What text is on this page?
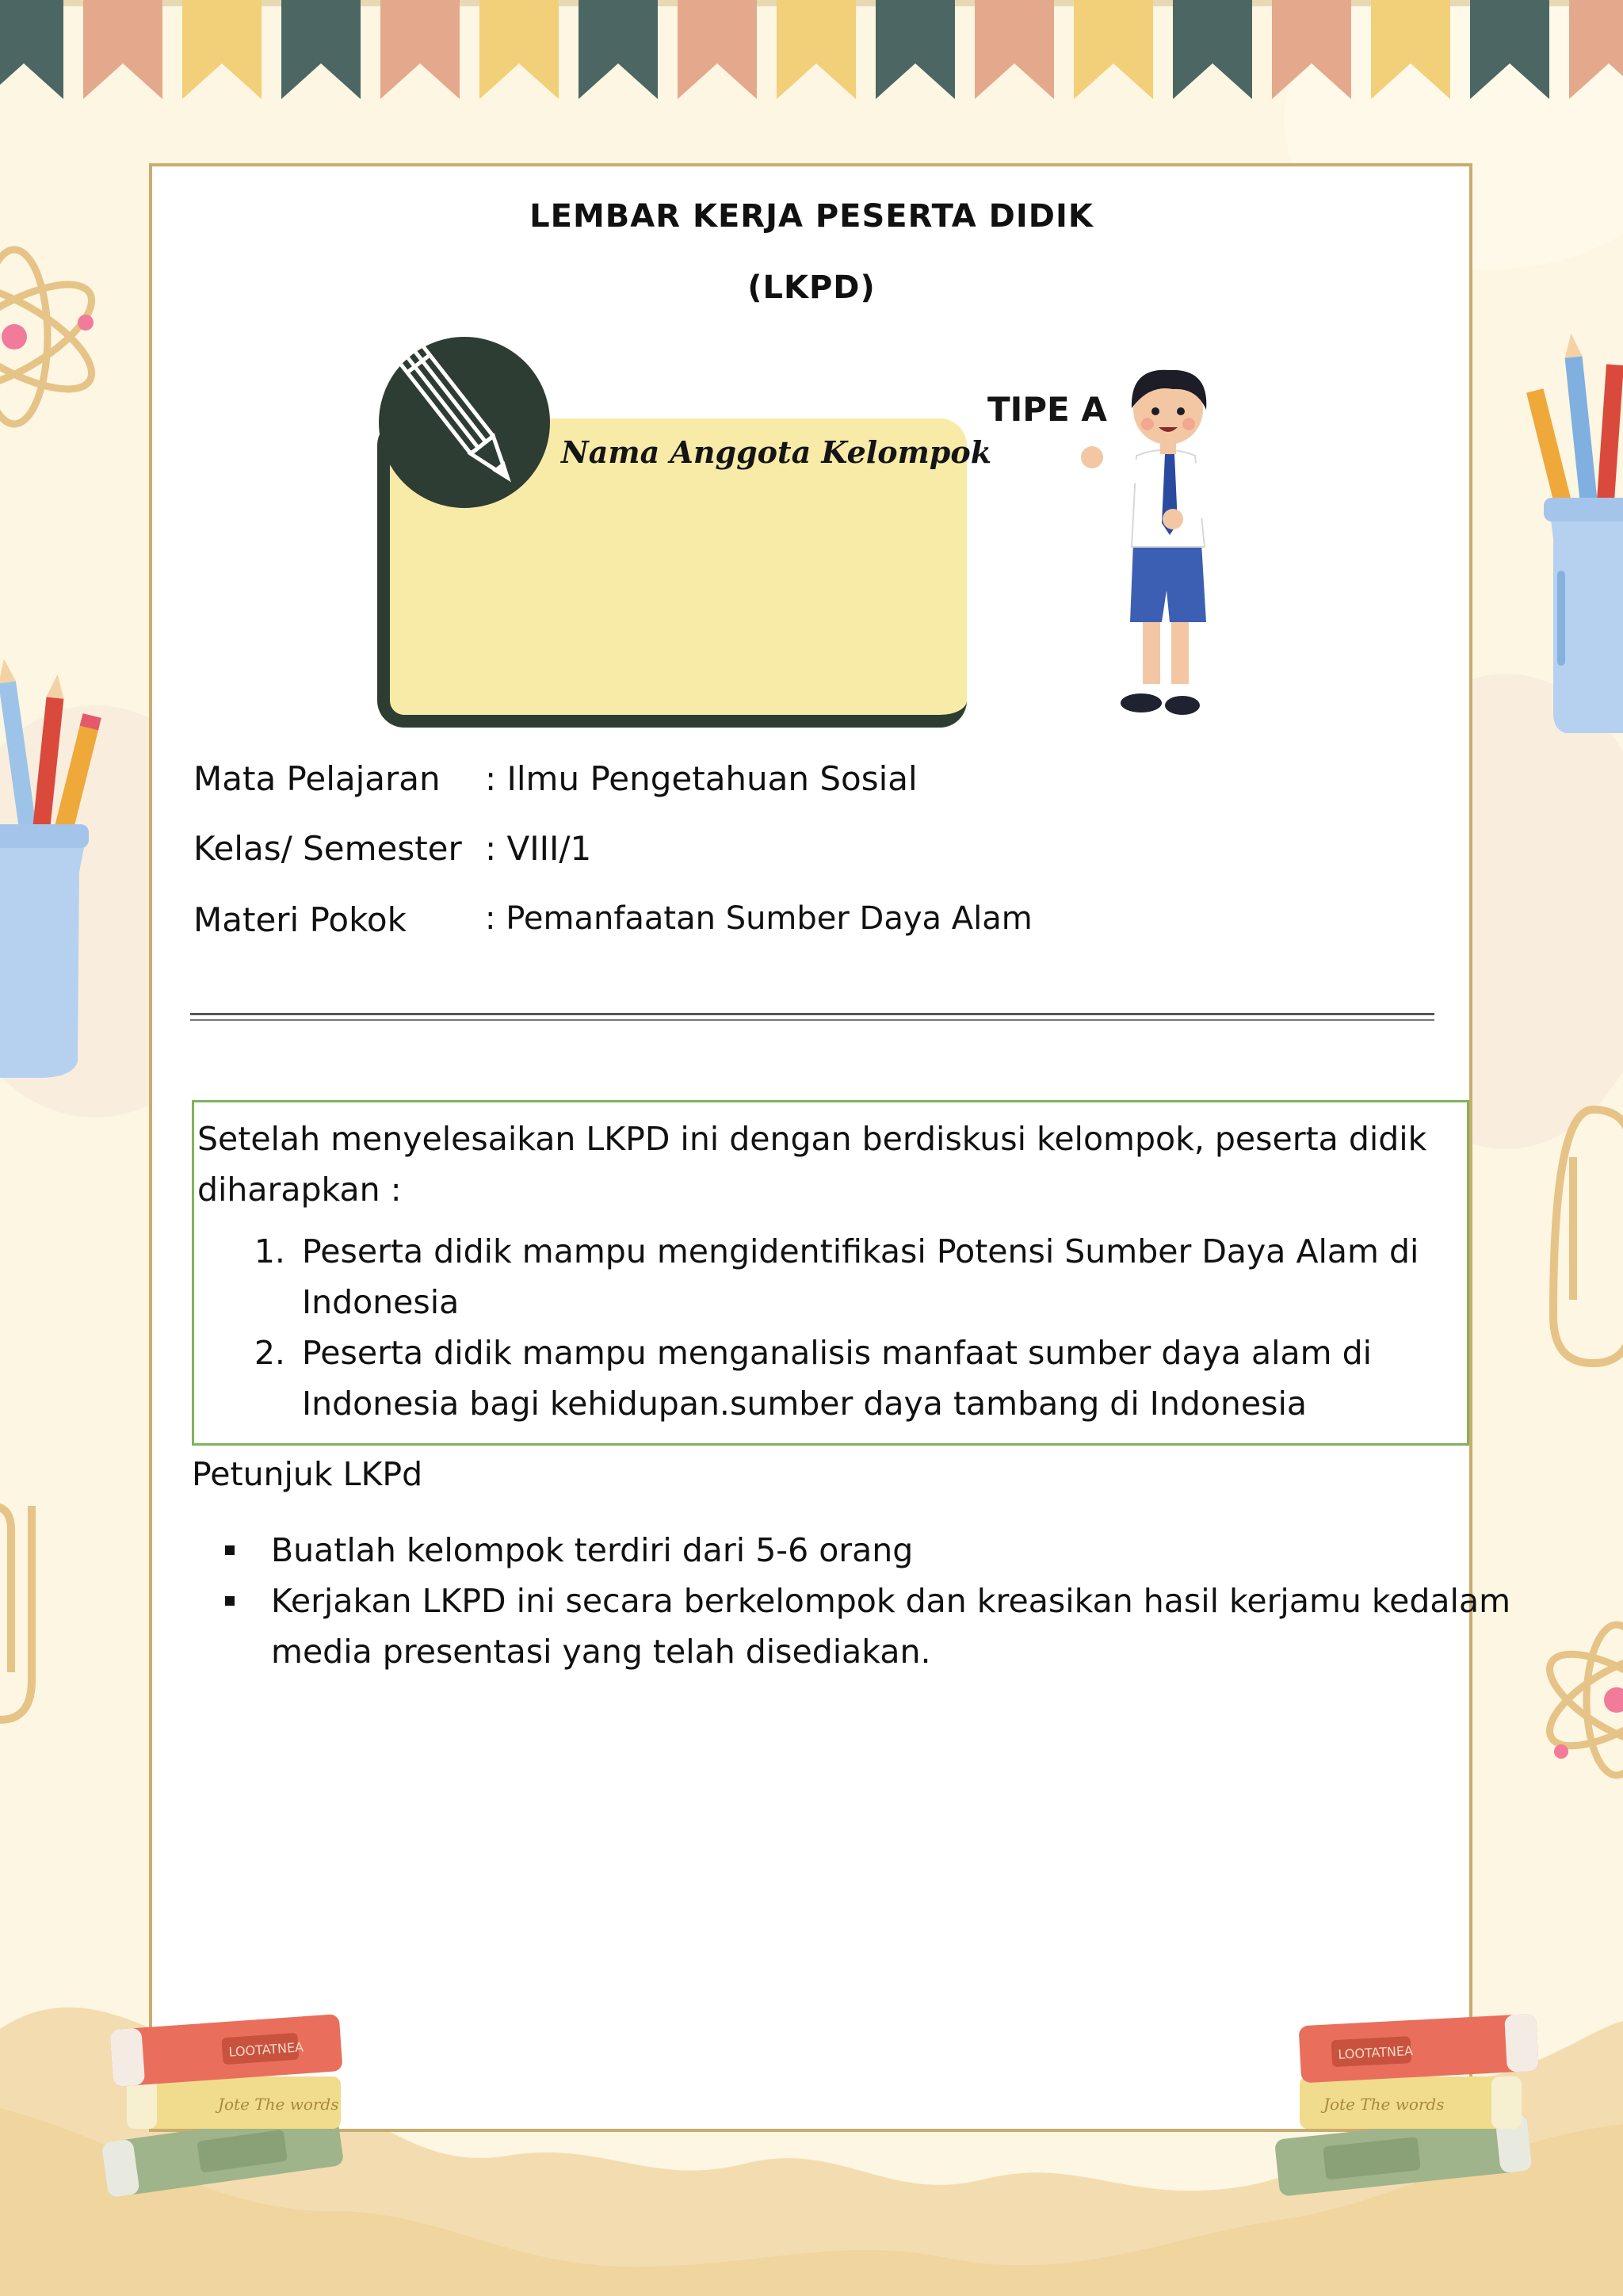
LEMBAR KERJA PESERTA DIDIK
(LKPD)
Nama Anggota Kelompok
TIPE A
Mata Pelajaran : Ilmu Pengetahuan Sosial
Kelas/ Semester : VIII/1
Materi Pokok : Pemanfaatan Sumber Daya Alam

Setelah menyelesaikan LKPD ini dengan berdiskusi kelompok, peserta didik diharapkan :

1. Peserta didik mampu mengidentifikasi Potensi Sumber Daya Alam di Indonesia
2. Peserta didik mampu menganalisis manfaat sumber daya alam di Indonesia bagi kehidupan.sumber daya tambang di Indonesia
Petunjuk LKPd
Buatlah kelompok terdiri dari 5-6 orang
Kerjakan LKPD ini secara berkelompok dan kreasikan hasil kerjamu kedalam media presentasi yang telah disediakan.
Jote The words
LOOTATNEA
Jote The words
LOOTATNEA
